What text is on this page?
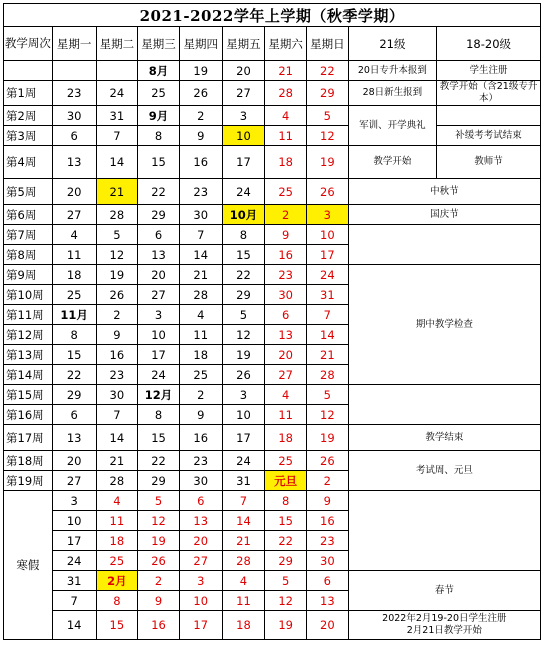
2021-2022学年上学期（秋季学期）									
教学周次	星期一	星期二	星期三	星期四	星期五	星期六	星期日	21级	18-20级
			8月	19	20	21	22	20日专升本报到	学生注册
第1周	23	24	25	26	27	28	29	28日新生报到	教学开始（含21级专升本）
第2周	30	31	9月	2	3	4	5	军训、开学典礼	
第3周	6	7	8	9	10	11	12		补缓考考试结束
第4周	13	14	15	16	17	18	19	教学开始	教师节
第5周	20	21	22	23	24	25	26	中秋节	
第6周	27	28	29	30	10月	2	3	国庆节	
第7周	4	5	6	7	8	9	10		
第8周	11	12	13	14	15	16	17		
第9周	18	19	20	21	22	23	24	期中教学检查	
第10周	25	26	27	28	29	30	31		
第11周	11月	2	3	4	5	6	7		
第12周	8	9	10	11	12	13	14		
第13周	15	16	17	18	19	20	21		
第14周	22	23	24	25	26	27	28		
第15周	29	30	12月	2	3	4	5		
第16周	6	7	8	9	10	11	12		
第17周	13	14	15	16	17	18	19	教学结束	
第18周	20	21	22	23	24	25	26	考试周、元旦	
第19周	27	28	29	30	31	元旦	2		
寒假	3	4	5	6	7	8	9		
	10	11	12	13	14	15	16		
	17	18	19	20	21	22	23		
	24	25	26	27	28	29	30		
	31	2月	2	3	4	5	6	春节	
	7	8	9	10	11	12	13		
	14	15	16	17	18	19	20	2022年2月19-20日学生注册
2月21日教学开始	
